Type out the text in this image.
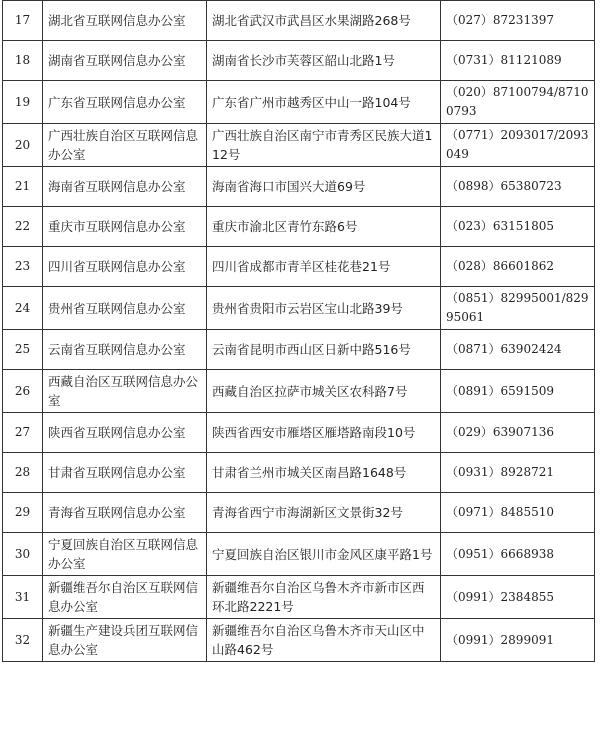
17	湖北省互联网信息办公室	湖北省武汉市武昌区水果湖路268号	（027）87231397
18	湖南省互联网信息办公室	湖南省长沙市芙蓉区韶山北路1号	（0731）81121089
19	广东省互联网信息办公室	广东省广州市越秀区中山一路104号	（020）87100794/87100793
20	广西壮族自治区互联网信息办公室	广西壮族自治区南宁市青秀区民族大道112号	（0771）2093017/2093049
21	海南省互联网信息办公室	海南省海口市国兴大道69号	（0898）65380723
22	重庆市互联网信息办公室	重庆市渝北区青竹东路6号	（023）63151805
23	四川省互联网信息办公室	四川省成都市青羊区桂花巷21号	（028）86601862
24	贵州省互联网信息办公室	贵州省贵阳市云岩区宝山北路39号	（0851）82995001/82995061
25	云南省互联网信息办公室	云南省昆明市西山区日新中路516号	（0871）63902424
26	西藏自治区互联网信息办公室	西藏自治区拉萨市城关区农科路7号	（0891）6591509
27	陕西省互联网信息办公室	陕西省西安市雁塔区雁塔路南段10号	（029）63907136
28	甘肃省互联网信息办公室	甘肃省兰州市城关区南昌路1648号	（0931）8928721
29	青海省互联网信息办公室	青海省西宁市海湖新区文景街32号	（0971）8485510
30	宁夏回族自治区互联网信息办公室	宁夏回族自治区银川市金风区康平路1号	（0951）6668938
31	新疆维吾尔自治区互联网信息办公室	新疆维吾尔自治区乌鲁木齐市新市区西环北路2221号	（0991）2384855
32	新疆生产建设兵团互联网信息办公室	新疆维吾尔自治区乌鲁木齐市天山区中山路462号	（0991）2899091
